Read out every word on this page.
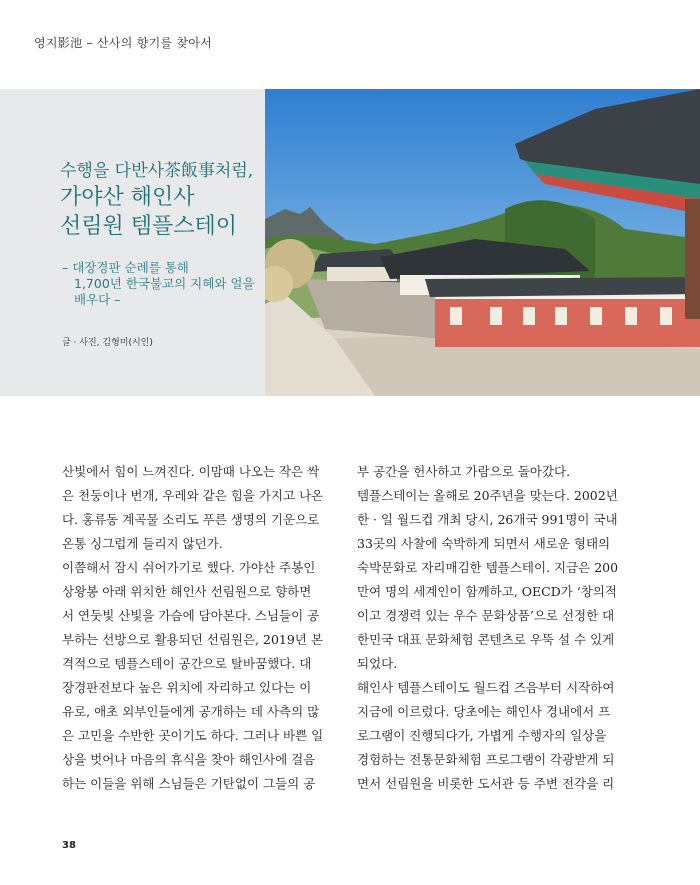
영지影池 – 산사의 향기를 찾아서
수행을 다반사茶飯事처럼,
가야산 해인사
선림원 템플스테이
– 대장경판 순례를 통해
1,700년 한국불교의 지혜와 얼을
배우다 –
글 · 사진, 김형미(시인)
산빛에서 힘이 느껴진다. 이맘때 나오는 작은 싹
은 천둥이나 번개, 우레와 같은 힘을 가지고 나온
다. 홍류동 계곡물 소리도 푸른 생명의 기운으로
온통 싱그럽게 들리지 않던가.
이쯤해서 잠시 쉬어가기로 했다. 가야산 주봉인
상왕봉 아래 위치한 해인사 선림원으로 향하면
서 연둣빛 산빛을 가슴에 담아본다. 스님들이 공
부하는 선방으로 활용되던 선림원은, 2019년 본
격적으로 템플스테이 공간으로 탈바꿈했다. 대
장경판전보다 높은 위치에 자리하고 있다는 이
유로, 애초 외부인들에게 공개하는 데 사측의 많
은 고민을 수반한 곳이기도 하다. 그러나 바쁜 일
상을 벗어나 마음의 휴식을 찾아 해인사에 걸음
하는 이들을 위해 스님들은 기탄없이 그들의 공
부 공간을 헌사하고 가람으로 돌아갔다.
템플스테이는 올해로 20주년을 맞는다. 2002년
한 · 일 월드컵 개최 당시, 26개국 991명이 국내
33곳의 사찰에 숙박하게 되면서 새로운 형태의
숙박문화로 자리매김한 템플스테이. 지금은 200
만여 명의 세계인이 함께하고, OECD가 ‘창의적
이고 경쟁력 있는 우수 문화상품’으로 선정한 대
한민국 대표 문화체험 콘텐츠로 우뚝 설 수 있게
되었다.
해인사 템플스테이도 월드컵 즈음부터 시작하여
지금에 이르렀다. 당초에는 해인사 경내에서 프
로그램이 진행되다가, 가볍게 수행자의 일상을
경험하는 전통문화체험 프로그램이 각광받게 되
면서 선림원을 비롯한 도서관 등 주변 전각을 리
38
